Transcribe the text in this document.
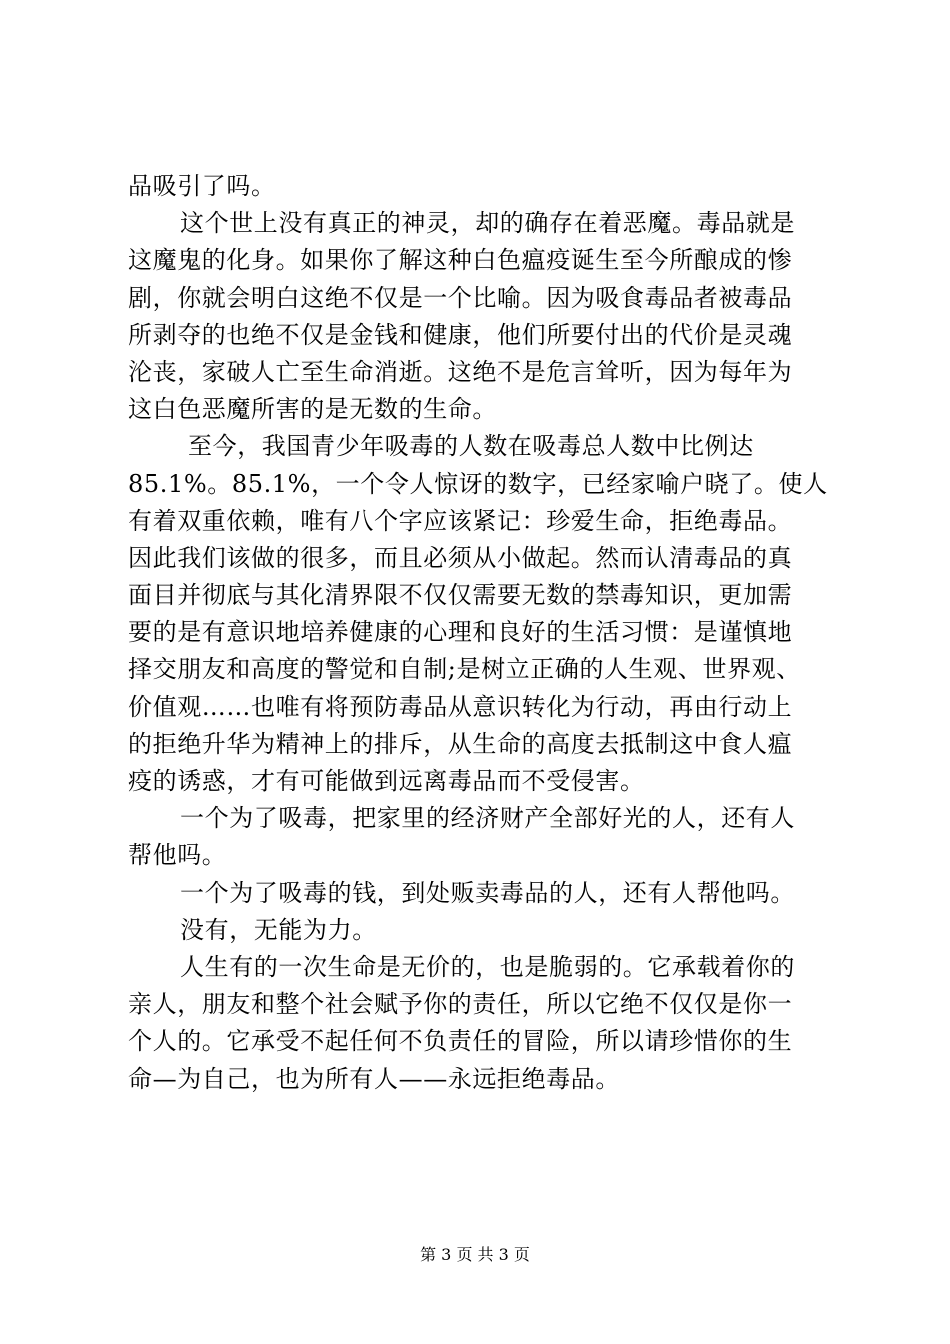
品吸引了吗。
这个世上没有真正的神灵，却的确存在着恶魔。毒品就是
这魔鬼的化身。如果你了解这种白色瘟疫诞生至今所酿成的惨
剧，你就会明白这绝不仅是一个比喻。因为吸食毒品者被毒品
所剥夺的也绝不仅是金钱和健康，他们所要付出的代价是灵魂
沦丧，家破人亡至生命消逝。这绝不是危言耸听，因为每年为
这白色恶魔所害的是无数的生命。
至今，我国青少年吸毒的人数在吸毒总人数中比例达
85.1%。85.1%，一个令人惊讶的数字，已经家喻户晓了。使人
有着双重依赖，唯有八个字应该紧记：珍爱生命，拒绝毒品。
因此我们该做的很多，而且必须从小做起。然而认清毒品的真
面目并彻底与其化清界限不仅仅需要无数的禁毒知识，更加需
要的是有意识地培养健康的心理和良好的生活习惯：是谨慎地
择交朋友和高度的警觉和自制;是树立正确的人生观、世界观、
价值观……也唯有将预防毒品从意识转化为行动，再由行动上
的拒绝升华为精神上的排斥，从生命的高度去抵制这中食人瘟
疫的诱惑，才有可能做到远离毒品而不受侵害。
一个为了吸毒，把家里的经济财产全部好光的人，还有人
帮他吗。
一个为了吸毒的钱，到处贩卖毒品的人，还有人帮他吗。
没有，无能为力。
人生有的一次生命是无价的，也是脆弱的。它承载着你的
亲人，朋友和整个社会赋予你的责任，所以它绝不仅仅是你一
个人的。它承受不起任何不负责任的冒险，所以请珍惜你的生
命—为自己，也为所有人——永远拒绝毒品。
第 3 页 共 3 页
